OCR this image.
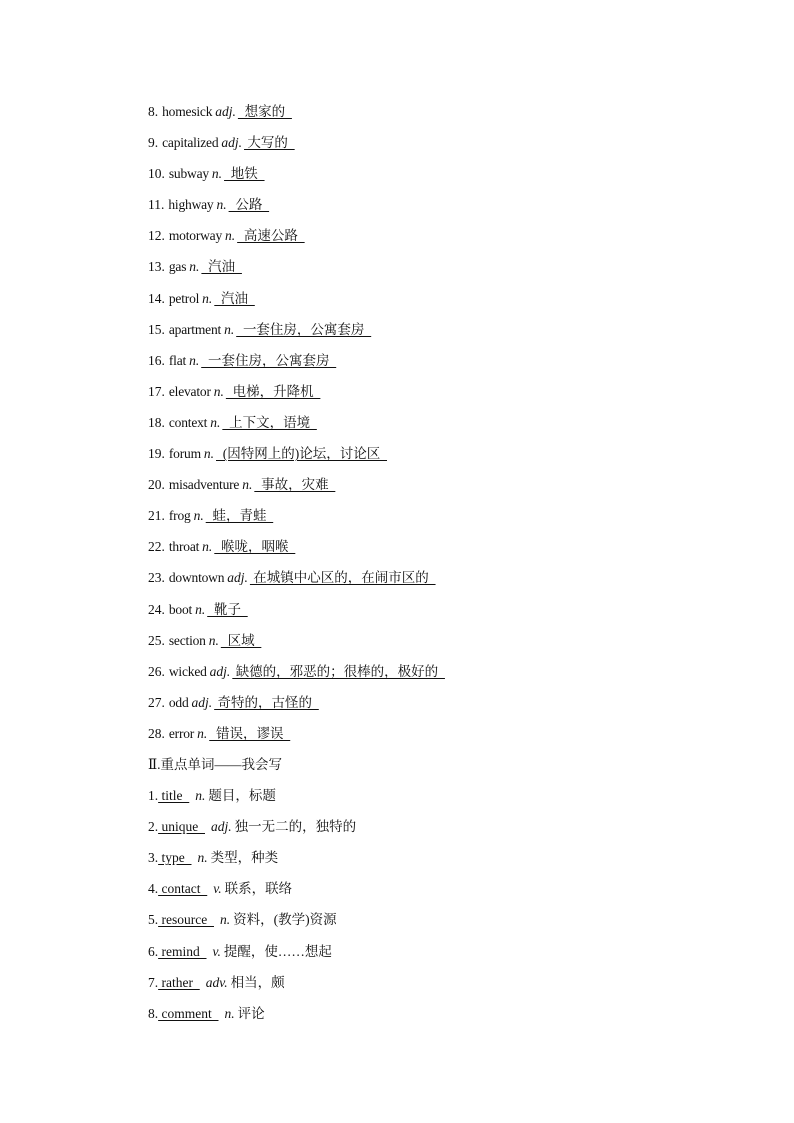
8. homesick adj. 想家的
9. capitalized adj. 大写的
10. subway n. 地铁
11. highway n. 公路
12. motorway n. 高速公路
13. gas n. 汽油
14. petrol n. 汽油
15. apartment n. 一套住房，公寓套房
16. flat n. 一套住房，公寓套房
17. elevator n. 电梯，升降机
18. context n. 上下文，语境
19. forum n. (因特网上的)论坛，讨论区
20. misadventure n. 事故，灾难
21. frog n. 蛙，青蛙
22. throat n. 喉咙，咽喉
23. downtown adj. 在城镇中心区的，在闹市区的
24. boot n. 靴子
25. section n. 区域
26. wicked adj. 缺德的，邪恶的；很棒的，极好的
27. odd adj. 奇特的，古怪的
28. error n. 错误，谬误
Ⅱ.重点单词——我会写
1. title n. 题目，标题
2. unique adj. 独一无二的，独特的
3. type n. 类型，种类
4. contact v. 联系，联络
5. resource n. 资料，(教学)资源
6. remind v. 提醒，使……想起
7. rather adv. 相当，颇
8. comment n. 评论
